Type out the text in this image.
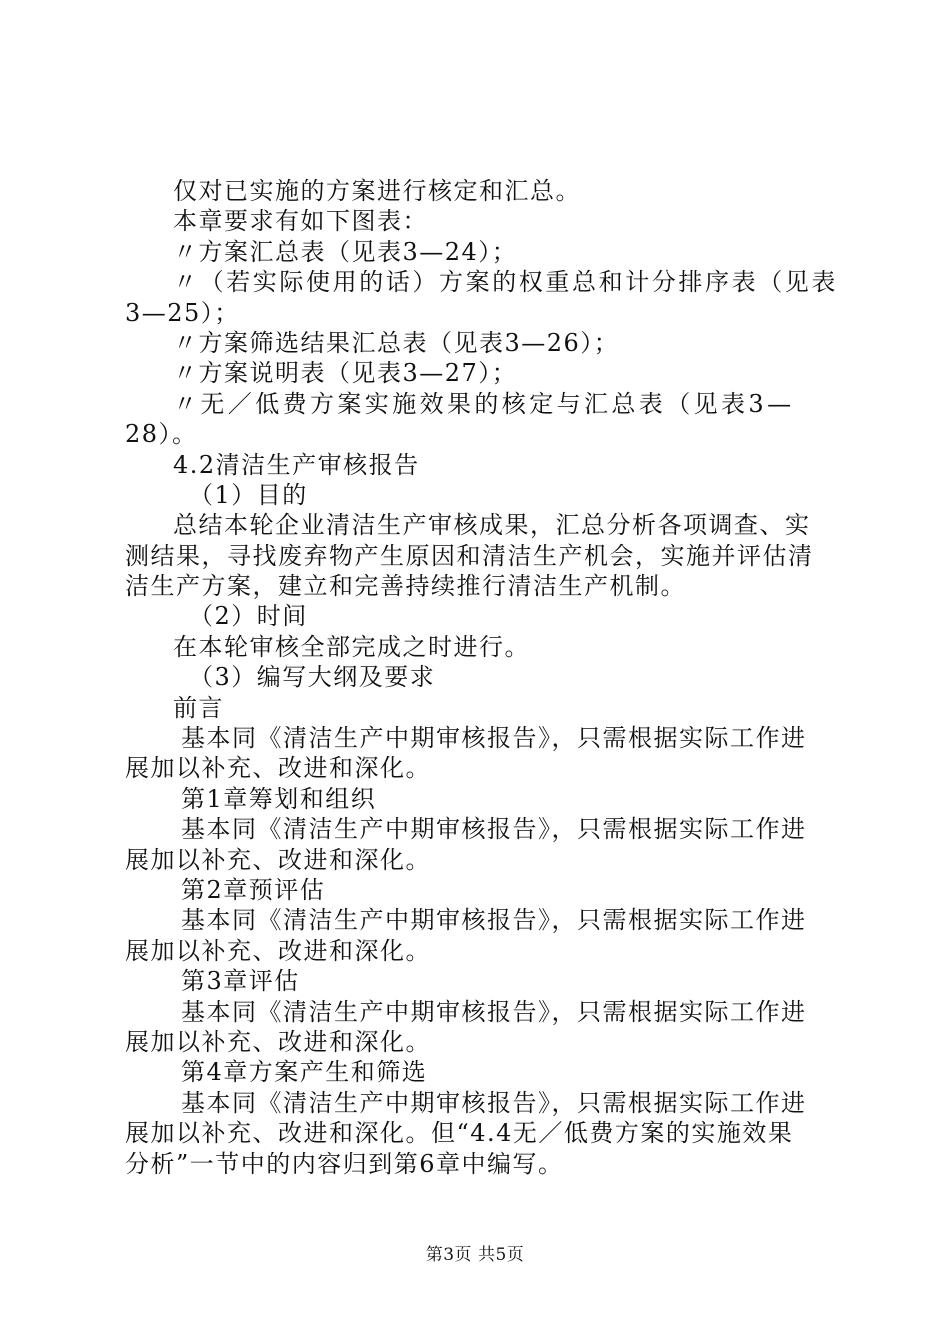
仅对已实施的方案进行核定和汇总。
本章要求有如下图表：
〃方案汇总表（见表3—24）；
〃（若实际使用的话）方案的权重总和计分排序表（见表
3—25）；
〃方案筛选结果汇总表（见表3—26）；
〃方案说明表（见表3—27）；
〃无／低费方案实施效果的核定与汇总表（见表3—
28）。
4.2清洁生产审核报告
（1）目的
总结本轮企业清洁生产审核成果，汇总分析各项调查、实
测结果，寻找废弃物产生原因和清洁生产机会，实施并评估清
洁生产方案，建立和完善持续推行清洁生产机制。
（2）时间
在本轮审核全部完成之时进行。
（3）编写大纲及要求
前言
基本同《清洁生产中期审核报告》，只需根据实际工作进
展加以补充、改进和深化。
第1章筹划和组织
基本同《清洁生产中期审核报告》，只需根据实际工作进
展加以补充、改进和深化。
第2章预评估
基本同《清洁生产中期审核报告》，只需根据实际工作进
展加以补充、改进和深化。
第3章评估
基本同《清洁生产中期审核报告》，只需根据实际工作进
展加以补充、改进和深化。
第4章方案产生和筛选
基本同《清洁生产中期审核报告》，只需根据实际工作进
展加以补充、改进和深化。但“4.4无／低费方案的实施效果
分析”一节中的内容归到第6章中编写。
第3页 共5页
